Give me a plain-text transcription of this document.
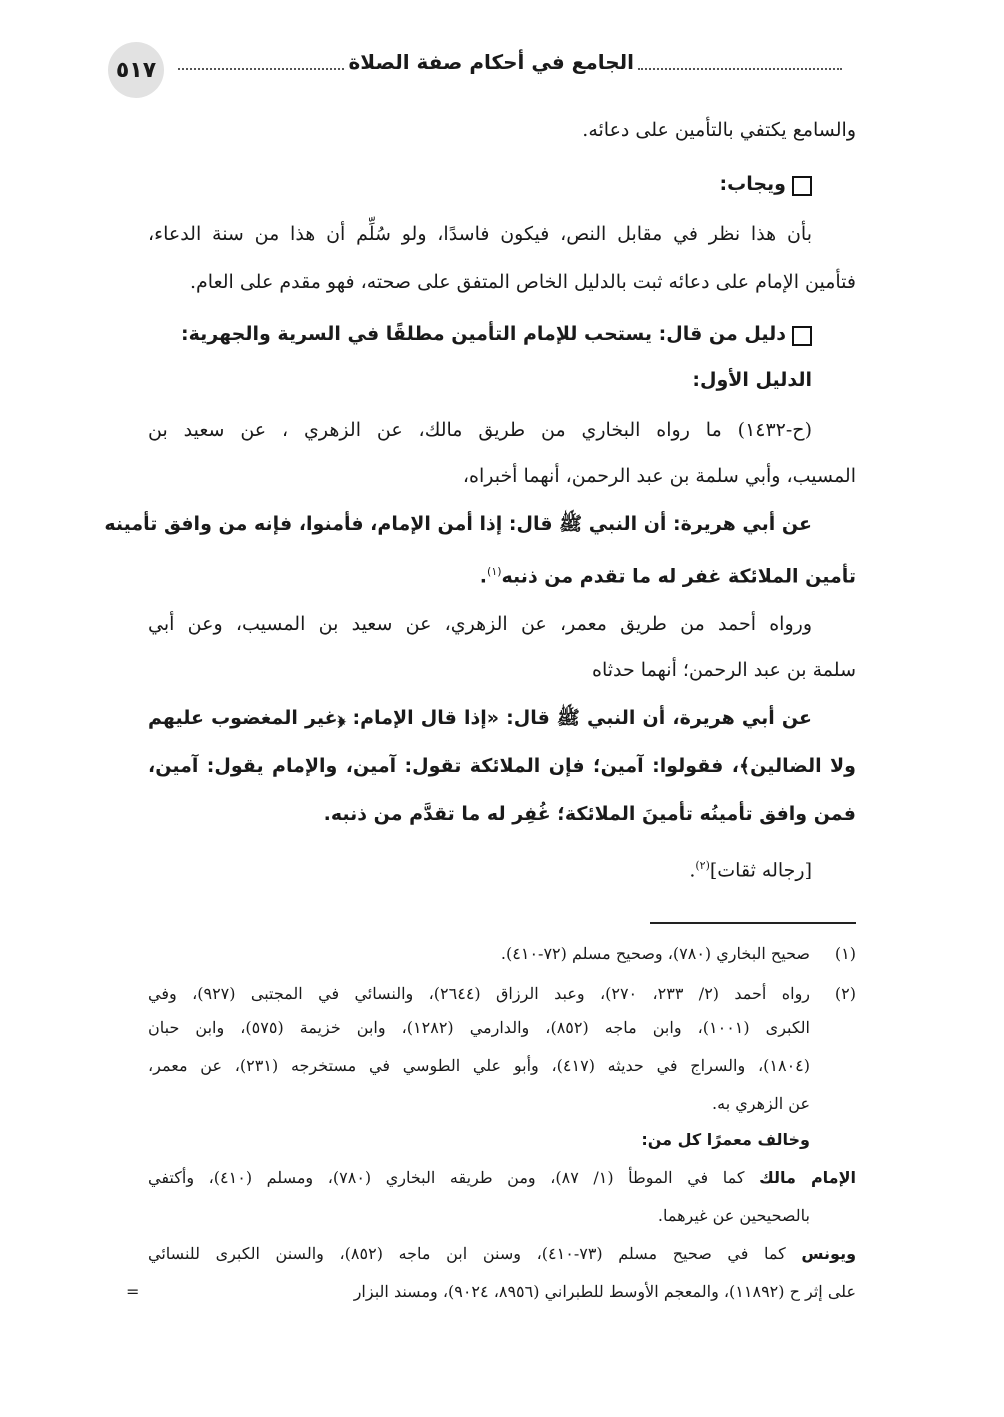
٥١٧	الجامع في أحكام صفة الصلاة
والسامع يكتفي بالتأمين على دعائه.
ويجاب:
بأن هذا نظر في مقابل النص، فيكون فاسدًا، ولو سُلِّم أن هذا من سنة الدعاء،
فتأمين الإمام على دعائه ثبت بالدليل الخاص المتفق على صحته، فهو مقدم على العام.
دليل من قال: يستحب للإمام التأمين مطلقًا في السرية والجهرية:
الدليل الأول:
(ح-١٤٣٢) ما رواه البخاري من طريق مالك، عن الزهري ، عن سعيد بن
المسيب، وأبي سلمة بن عبد الرحمن، أنهما أخبراه،
عن أبي هريرة: أن النبي ﷺ قال: إذا أمن الإمام، فأمنوا، فإنه من وافق تأمينه
تأمين الملائكة غفر له ما تقدم من ذنبه$^{(١)}$.
ورواه أحمد من طريق معمر، عن الزهري، عن سعيد بن المسيب، وعن أبي
سلمة بن عبد الرحمن؛ أنهما حدثاه
عن أبي هريرة، أن النبي ﷺ قال: «إذا قال الإمام: ﴿غير المغضوب عليهم
ولا الضالين﴾، فقولوا: آمين؛ فإن الملائكة تقول: آمين، والإمام يقول: آمين،
فمن وافق تأمينُه تأمينَ الملائكة؛ غُفِر له ما تقدَّم من ذنبه.
[رجاله ثقات]$^{(٢)}$.
(١)
صحيح البخاري (٧٨٠)، وصحيح مسلم (٧٢-٤١٠).
(٢)
رواه أحمد (٢/ ٢٣٣، ٢٧٠)، وعبد الرزاق (٢٦٤٤)، والنسائي في المجتبى (٩٢٧)، وفي
الكبرى (١٠٠١)، وابن ماجه (٨٥٢)، والدارمي (١٢٨٢)، وابن خزيمة (٥٧٥)، وابن حبان
(١٨٠٤)، والسراج في حديثه (٤١٧)، وأبو علي الطوسي في مستخرجه (٢٣١)، عن معمر،
عن الزهري به.
وخالف معمرًا كل من:
الإمام مالك كما في الموطأ (١/ ٨٧)، ومن طريقه البخاري (٧٨٠)، ومسلم (٤١٠)، وأكتفي
بالصحيحين عن غيرهما.
ويونس كما في صحيح مسلم (٧٣-٤١٠)، وسنن ابن ماجه (٨٥٢)، والسنن الكبرى للنسائي
على إثر ح (١١٨٩٢)، والمعجم الأوسط للطبراني (٨٩٥٦، ٩٠٢٤)، ومسند البزار
=
